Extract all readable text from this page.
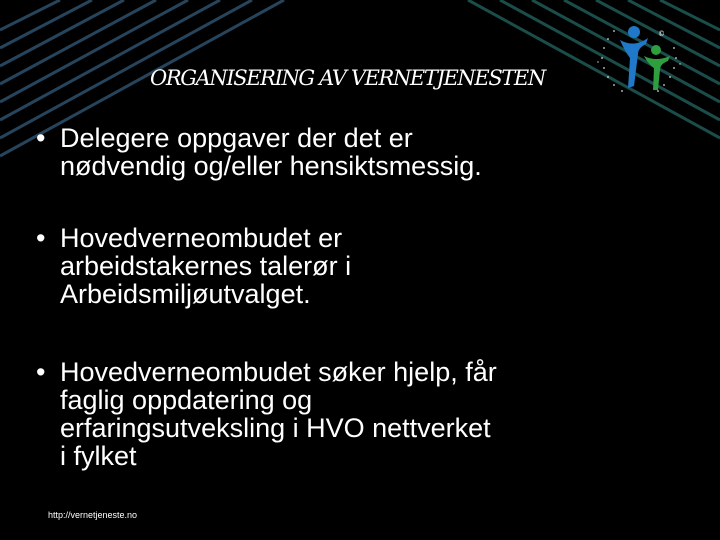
ORGANISERING AV VERNETJENESTEN
©
• Delegere oppgaver der det er
nødvendig og/eller hensiktsmessig.
• Hovedverneombudet er
arbeidstakernes talerør i
Arbeidsmiljøutvalget.
• Hovedverneombudet søker hjelp, får
faglig oppdatering og
erfaringsutveksling i HVO nettverket
i fylket
http://vernetjeneste.no
